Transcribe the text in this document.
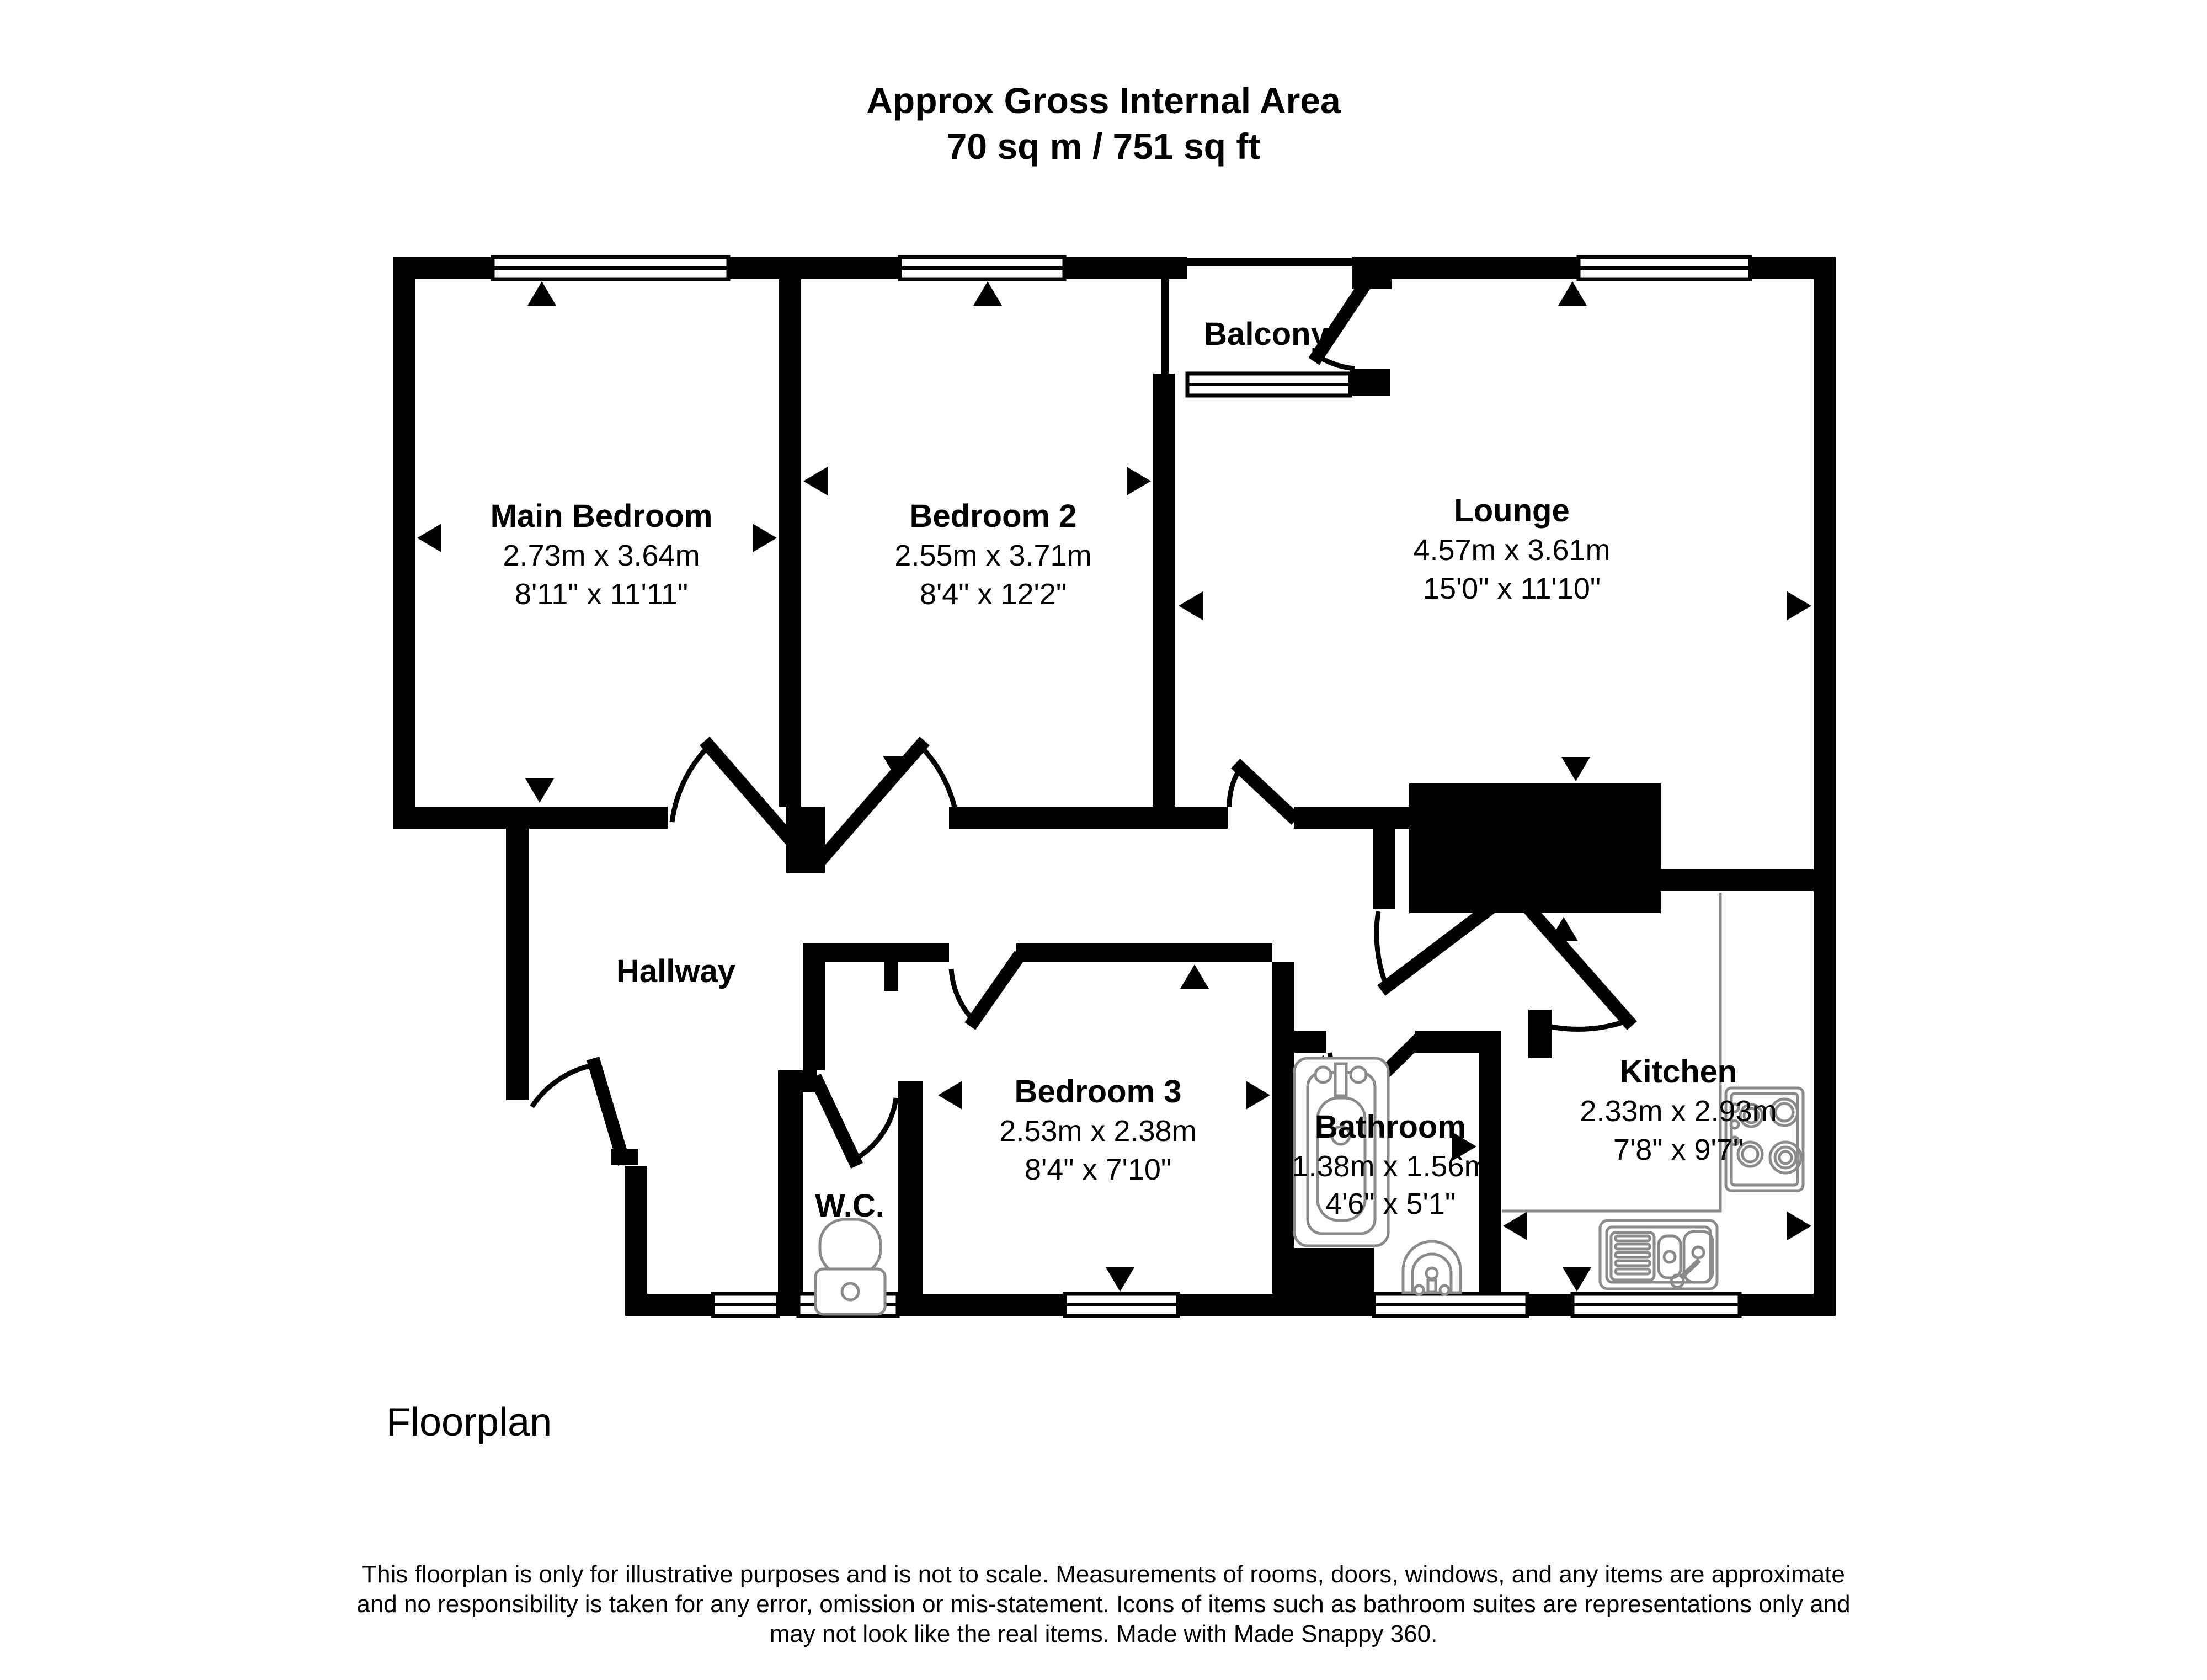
Approx Gross Internal Area
70 sq m / 751 sq ft
Main Bedroom
2.73m x 3.64m
8'11" x 11'11"
Bedroom 2
2.55m x 3.71m
8'4" x 12'2"
Lounge
4.57m x 3.61m
15'0" x 11'10"
Balcony
Hallway
Bedroom 3
2.53m x 2.38m
8'4" x 7'10"
Bathroom
1.38m x 1.56m
4'6" x 5'1"
W.C.
Kitchen
2.33m x 2.93m
7'8" x 9'7"
Floorplan
This floorplan is only for illustrative purposes and is not to scale. Measurements of rooms, doors, windows, and any items are approximate
and no responsibility is taken for any error, omission or mis-statement. Icons of items such as bathroom suites are representations only and
may not look like the real items. Made with Made Snappy 360.
